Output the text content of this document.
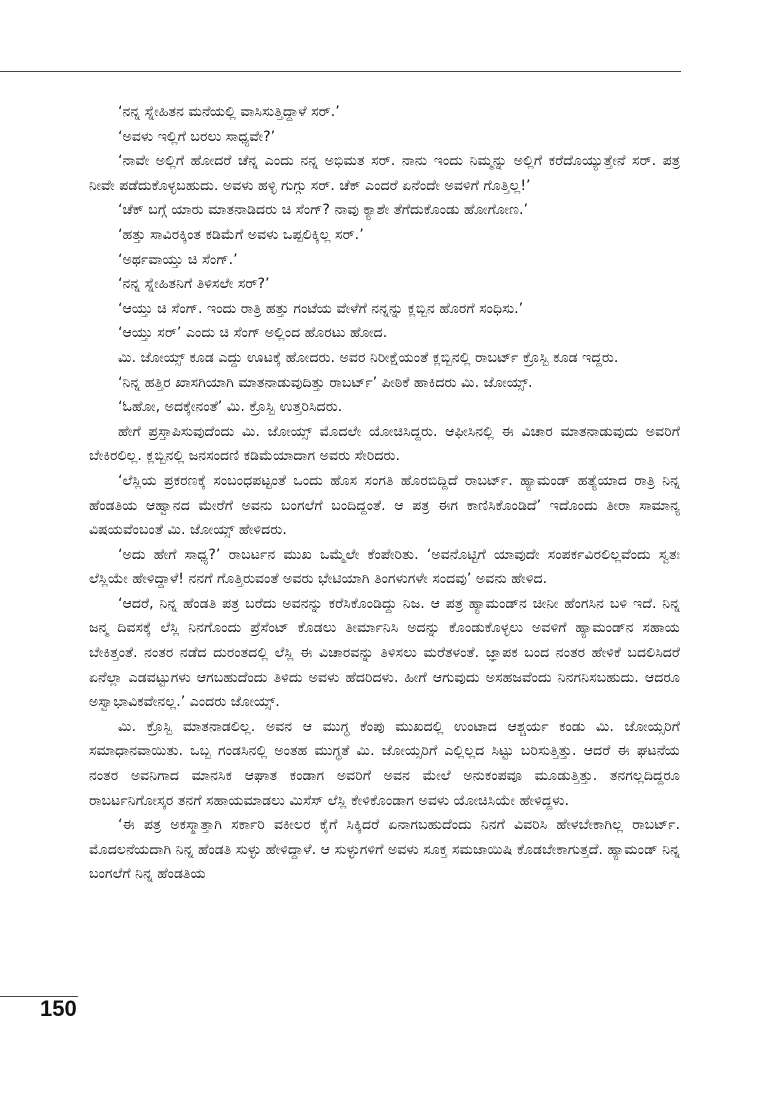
‘ನನ್ನ ಸ್ನೇಹಿತನ ಮನೆಯಲ್ಲಿ ವಾಸಿಸುತ್ತಿದ್ದಾಳೆ ಸರ್.’

‘ಅವಳು ಇಲ್ಲಿಗೆ ಬರಲು ಸಾಧ್ಯವೇ?’

‘ನಾವೇ ಅಲ್ಲಿಗೆ ಹೋದರೆ ಚೆನ್ನ ಎಂದು ನನ್ನ ಅಭಿಮತ ಸರ್. ನಾನು ಇಂದು ನಿಮ್ಮನ್ನು ಅಲ್ಲಿಗೆ ಕರೆದೊಯ್ಯುತ್ತೇನೆ ಸರ್. ಪತ್ರ ನೀವೇ ಪಡೆದುಕೊಳ್ಳಬಹುದು. ಅವಳು ಹಳ್ಳಿ ಗುಗ್ಗು ಸರ್. ಚೆಕ್ ಎಂದರೆ ಏನೆಂದೇ ಅವಳಿಗೆ ಗೊತ್ತಿಲ್ಲ!’

‘ಚೆಕ್ ಬಗ್ಗೆ ಯಾರು ಮಾತನಾಡಿದರು ಚಿ ಸೆಂಗ್? ನಾವು ಕ್ಯಾಶೇ ತೆಗೆದುಕೊಂಡು ಹೋಗೋಣ.’

‘ಹತ್ತು ಸಾವಿರಕ್ಕಿಂತ ಕಡಿಮೆಗೆ ಅವಳು ಒಪ್ಪಲಿಕ್ಕಿಲ್ಲ ಸರ್.’

‘ಅರ್ಥವಾಯ್ತು ಚಿ ಸೆಂಗ್.’

‘ನನ್ನ ಸ್ನೇಹಿತನಿಗೆ ತಿಳಿಸಲೇ ಸರ್?’

‘ಆಯ್ತು ಚಿ ಸೆಂಗ್. ಇಂದು ರಾತ್ರಿ ಹತ್ತು ಗಂಟೆಯ ವೇಳೆಗೆ ನನ್ನನ್ನು ಕ್ಲಬ್ಬಿನ ಹೊರಗೆ ಸಂಧಿಸು.’

‘ಆಯ್ತು ಸರ್’ ಎಂದು ಚಿ ಸೆಂಗ್ ಅಲ್ಲಿಂದ ಹೊರಟು ಹೋದ.

ಮಿ. ಜೋಯ್ಸ್ ಕೂಡ ಎದ್ದು ಊಟಕ್ಕೆ ಹೋದರು. ಅವರ ನಿರೀಕ್ಷೆಯಂತೆ ಕ್ಲಬ್ಬಿನಲ್ಲಿ ರಾಬರ್ಟ್ ಕ್ರೊಸ್ಬಿ ಕೂಡ ಇದ್ದರು.

‘ನಿನ್ನ ಹತ್ತಿರ ಖಾಸಗಿಯಾಗಿ ಮಾತನಾಡುವುದಿತ್ತು ರಾಬರ್ಟ್’ ಪೀಠಿಕೆ ಹಾಕಿದರು ಮಿ. ಜೋಯ್ಸ್.

‘ಓಹೋ, ಅದಕ್ಕೇನಂತೆ’ ಮಿ. ಕ್ರೊಸ್ಬಿ ಉತ್ತರಿಸಿದರು.

ಹೇಗೆ ಪ್ರಸ್ತಾಪಿಸುವುದೆಂದು ಮಿ. ಜೋಯ್ಸ್ ಮೊದಲೇ ಯೋಚಿಸಿದ್ದರು. ಆಫೀಸಿನಲ್ಲಿ ಈ ವಿಚಾರ ಮಾತನಾಡುವುದು ಅವರಿಗೆ ಬೇಕಿರಲಿಲ್ಲ. ಕ್ಲಬ್ಬಿನಲ್ಲಿ ಜನಸಂದಣಿ ಕಡಿಮೆಯಾದಾಗ ಅವರು ಸೇರಿದರು.

‘ಲೆಸ್ಲಿಯ ಪ್ರಕರಣಕ್ಕೆ ಸಂಬಂಧಪಟ್ಟಂತೆ ಒಂದು ಹೊಸ ಸಂಗತಿ ಹೊರಬಿದ್ದಿದೆ ರಾಬರ್ಟ್. ಹ್ಯಾಮಂಡ್ ಹತ್ಯೆಯಾದ ರಾತ್ರಿ ನಿನ್ನ ಹೆಂಡತಿಯ ಆಹ್ವಾನದ ಮೇರೆಗೆ ಅವನು ಬಂಗಲೆಗೆ ಬಂದಿದ್ದಂತೆ. ಆ ಪತ್ರ ಈಗ ಕಾಣಿಸಿಕೊಂಡಿದೆ’ ಇದೊಂದು ತೀರಾ ಸಾಮಾನ್ಯ ವಿಷಯವೆಂಬಂತೆ ಮಿ. ಜೋಯ್ಸ್ ಹೇಳಿದರು.

‘ಅದು ಹೇಗೆ ಸಾಧ್ಯ?’ ರಾಬರ್ಟನ ಮುಖ ಒಮ್ಮೆಲೇ ಕೆಂಪೇರಿತು. ‘ಅವನೊಟ್ಟಿಗೆ ಯಾವುದೇ ಸಂಪರ್ಕವಿರಲಿಲ್ಲವೆಂದು ಸ್ವತಃ ಲೆಸ್ಲಿಯೇ ಹೇಳಿದ್ದಾಳೆ! ನನಗೆ ಗೊತ್ತಿರುವಂತೆ ಅವರು ಭೇಟಿಯಾಗಿ ತಿಂಗಳುಗಳೇ ಸಂದವು’ ಅವನು ಹೇಳಿದ.

‘ಆದರೆ, ನಿನ್ನ ಹೆಂಡತಿ ಪತ್ರ ಬರೆದು ಅವನನ್ನು ಕರೆಸಿಕೊಂಡಿದ್ದು ನಿಜ. ಆ ಪತ್ರ ಹ್ಯಾಮಂಡ್‌ನ ಚೀನೀ ಹೆಂಗಸಿನ ಬಳಿ ಇದೆ. ನಿನ್ನ ಜನ್ಮ ದಿವಸಕ್ಕೆ ಲೆಸ್ಲಿ ನಿನಗೊಂದು ಪ್ರೆಸೆಂಟ್ ಕೊಡಲು ತೀರ್ಮಾನಿಸಿ ಅದನ್ನು ಕೊಂಡುಕೊಳ್ಳಲು ಅವಳಿಗೆ ಹ್ಯಾಮಂಡ್‌ನ ಸಹಾಯ ಬೇಕಿತ್ತಂತೆ. ನಂತರ ನಡೆದ ದುರಂತದಲ್ಲಿ ಲೆಸ್ಲಿ ಈ ವಿಚಾರವನ್ನು ತಿಳಿಸಲು ಮರೆತಳಂತೆ. ಜ್ಞಾಪಕ ಬಂದ ನಂತರ ಹೇಳಿಕೆ ಬದಲಿಸಿದರೆ ಏನೆಲ್ಲಾ ಎಡವಟ್ಟುಗಳು ಆಗಬಹುದೆಂದು ತಿಳಿದು ಅವಳು ಹೆದರಿದಳು. ಹೀಗೆ ಆಗುವುದು ಅಸಹಜವೆಂದು ನಿನಗನಿಸಬಹುದು. ಆದರೂ ಅಸ್ವಾಭಾವಿಕವೇನಲ್ಲ.’ ಎಂದರು ಜೋಯ್ಸ್.

ಮಿ. ಕ್ರೊಸ್ಬಿ ಮಾತನಾಡಲಿಲ್ಲ. ಅವನ ಆ ಮುಗ್ಧ ಕೆಂಪು ಮುಖದಲ್ಲಿ ಉಂಟಾದ ಆಶ್ಚರ್ಯ ಕಂಡು ಮಿ. ಜೋಯ್ಸರಿಗೆ ಸಮಾಧಾನವಾಯಿತು. ಒಬ್ಬ ಗಂಡಸಿನಲ್ಲಿ ಅಂತಹ ಮುಗ್ಧತೆ ಮಿ. ಜೋಯ್ಸರಿಗೆ ಎಲ್ಲಿಲ್ಲದ ಸಿಟ್ಟು ಬರಿಸುತ್ತಿತ್ತು. ಆದರೆ ಈ ಘಟನೆಯ ನಂತರ ಅವನಿಗಾದ ಮಾನಸಿಕ ಆಘಾತ ಕಂಡಾಗ ಅವರಿಗೆ ಅವನ ಮೇಲೆ ಅನುಕಂಪವೂ ಮೂಡುತ್ತಿತ್ತು. ತನಗಲ್ಲದಿದ್ದರೂ ರಾಬರ್ಟನಿಗೋಸ್ಕರ ತನಗೆ ಸಹಾಯಮಾಡಲು ಮಿಸೆಸ್ ಲೆಸ್ಲಿ ಕೇಳಿಕೊಂಡಾಗ ಅವಳು ಯೋಚಿಸಿಯೇ ಹೇಳಿದ್ದಳು.

‘ಈ ಪತ್ರ ಅಕಸ್ಮಾತ್ತಾಗಿ ಸರ್ಕಾರಿ ವಕೀಲರ ಕೈಗೆ ಸಿಕ್ಕಿದರೆ ಏನಾಗಬಹುದೆಂದು ನಿನಗೆ ವಿವರಿಸಿ ಹೇಳಬೇಕಾಗಿಲ್ಲ ರಾಬರ್ಟ್. ಮೊದಲನೆಯದಾಗಿ ನಿನ್ನ ಹೆಂಡತಿ ಸುಳ್ಳು ಹೇಳಿದ್ದಾಳೆ. ಆ ಸುಳ್ಳುಗಳಿಗೆ ಅವಳು ಸೂಕ್ತ ಸಮಜಾಯಿಷಿ ಕೊಡಬೇಕಾಗುತ್ತದೆ. ಹ್ಯಾಮಂಡ್ ನಿನ್ನ ಬಂಗಲೆಗೆ ನಿನ್ನ ಹೆಂಡತಿಯ

150
